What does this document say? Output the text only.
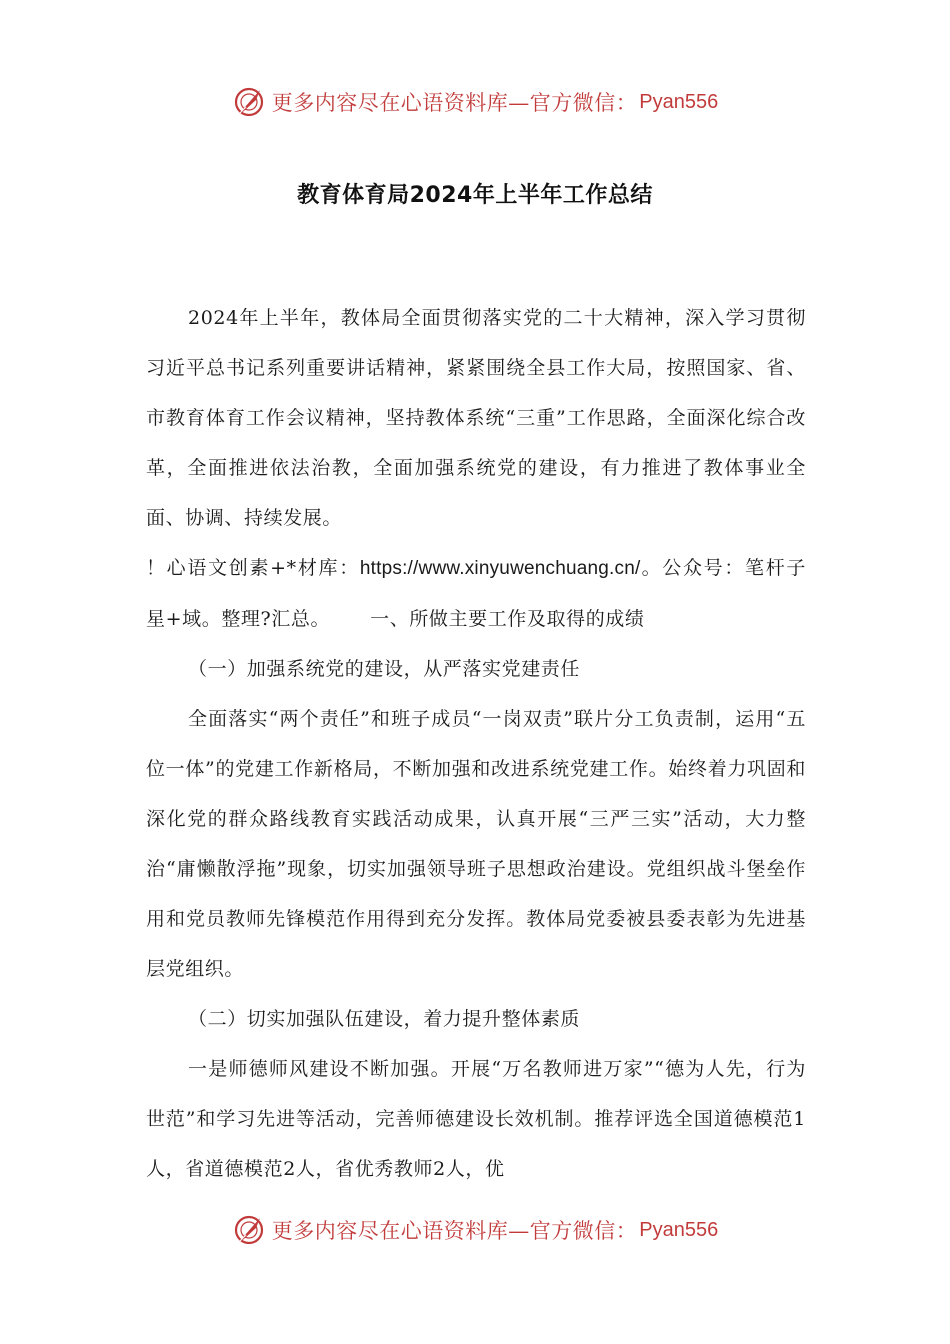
更多内容尽在心语资料库—官方微信： Pyan556
教育体育局2024年上半年工作总结

2024年上半年，教体局全面贯彻落实党的二十大精神，深入学习贯彻习近平总书记系列重要讲话精神，紧紧围绕全县工作大局，按照国家、省、市教育体育工作会议精神，坚持教体系统“三重”工作思路，全面深化综合改革，全面推进依法治教，全面加强系统党的建设，有力推进了教体事业全面、协调、持续发展。

！心语文创素+*材库：https://www.xinyuwenchuang.cn/。公众号：笔杆子星+域。整理?汇总。 一、所做主要工作及取得的成绩

（一）加强系统党的建设，从严落实党建责任

全面落实“两个责任”和班子成员“一岗双责”联片分工负责制，运用“五位一体”的党建工作新格局，不断加强和改进系统党建工作。始终着力巩固和深化党的群众路线教育实践活动成果，认真开展“三严三实”活动，大力整治“庸懒散浮拖”现象，切实加强领导班子思想政治建设。党组织战斗堡垒作用和党员教师先锋模范作用得到充分发挥。教体局党委被县委表彰为先进基层党组织。

（二）切实加强队伍建设，着力提升整体素质

一是师德师风建设不断加强。开展“万名教师进万家”“德为人先，行为世范”和学习先进等活动，完善师德建设长效机制。推荐评选全国道德模范1人，省道德模范2人，省优秀教师2人，优

更多内容尽在心语资料库—官方微信： Pyan556
